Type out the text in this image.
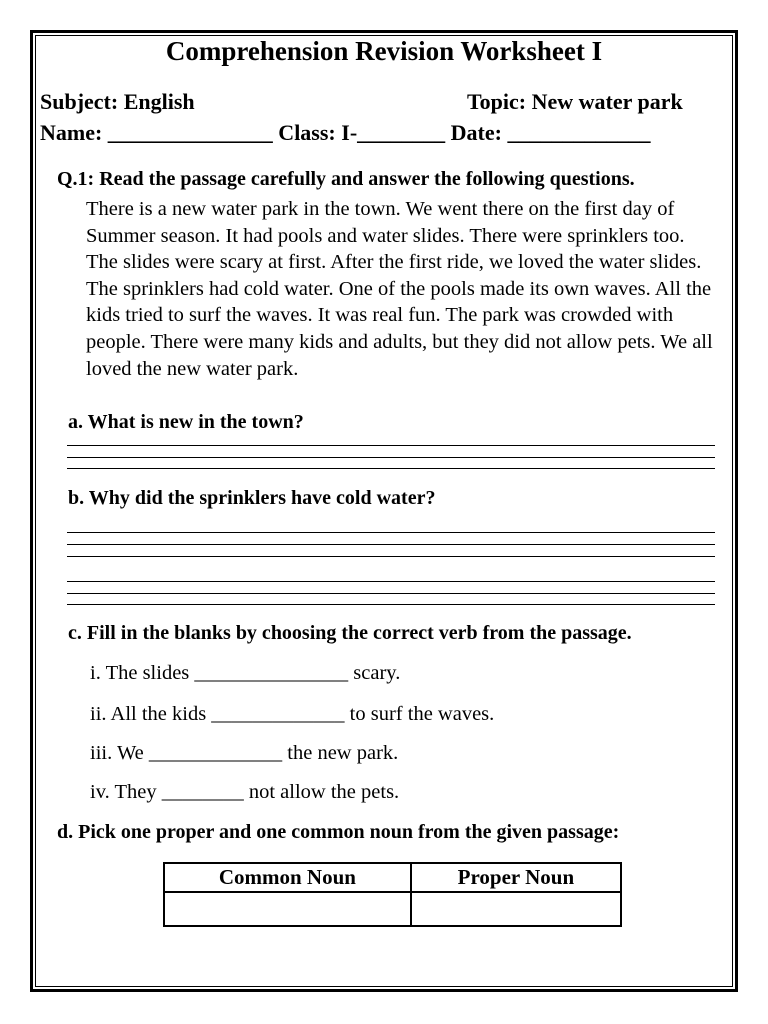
Comprehension Revision Worksheet I
Subject: English	Topic: New water park
Name: _______________ Class: I-________ Date: _____________
Q.1: Read the passage carefully and answer the following questions.
There is a new water park in the town. We went there on the first day of Summer season. It had pools and water slides. There were sprinklers too. The slides were scary at first. After the first ride, we loved the water slides. The sprinklers had cold water. One of the pools made its own waves. All the kids tried to surf the waves. It was real fun. The park was crowded with people. There were many kids and adults, but they did not allow pets. We all loved the new water park.
a. What is new in the town?
b. Why did the sprinklers have cold water?
c. Fill in the blanks by choosing the correct verb from the passage.
i. The slides _______________ scary.
ii. All the kids _____________ to surf the waves.
iii. We _____________ the new park.
iv. They ________ not allow the pets.
d. Pick one proper and one common noun from the given passage:
Common Noun	Proper Noun
